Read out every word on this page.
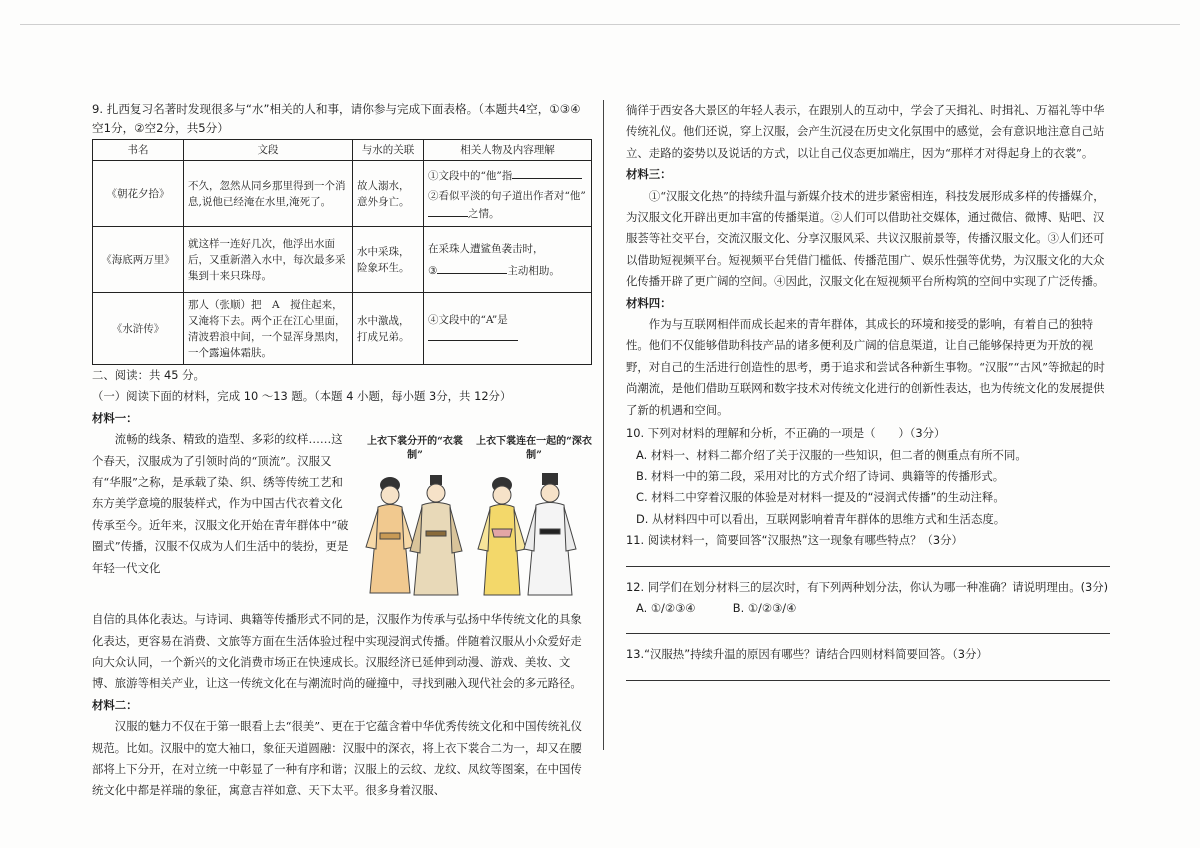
9. 扎西复习名著时发现很多与“水”相关的人和事，请你参与完成下面表格。（本题共4空，①③④空1分，②空2分，共5分）

书名	文段	与水的关联	相关人物及内容理解
《朝花夕拾》	不久，忽然从同乡那里得到一个消息,说他已经淹在水里,淹死了。	故人溺水，意外身亡。	①文段中的“他”指
②看似平淡的句子道出作者对“他”之情。

《海底两万里》	就这样一连好几次，他浮出水面后，又重新潜入水中，每次最多采集到十来只珠母。	水中采珠，险象环生。	在采珠人遭鲨鱼袭击时，
③ 主动相助。

《水浒传》	那人（张顺）把　A　搅住起来，又淹将下去。两个正在江心里面，清波碧浪中间，一个显浑身黑肉，一个露遍体霜肤。	水中激战，打成兄弟。	④文段中的“A”是

二、阅读：共 45 分。

（一）阅读下面的材料，完成 10 ～13 题。（本题 4 小题，每小题 3分，共 12分）

材料一：

上衣下裳分开的“衣裳制”
上衣下裳连在一起的“深衣制”

流畅的线条、精致的造型、多彩的纹样……这个春天，汉服成为了引领时尚的“顶流”。汉服又有“华服”之称，是承载了染、织、绣等传统工艺和东方美学意境的服装样式，作为中国古代衣着文化传承至今。近年来，汉服文化开始在青年群体中“破圈式”传播，汉服不仅成为人们生活中的装扮，更是年轻一代文化

自信的具体化表达。与诗词、典籍等传播形式不同的是，汉服作为传承与弘扬中华传统文化的具象化表达，更容易在消费、文旅等方面在生活体验过程中实现浸润式传播。伴随着汉服从小众爱好走向大众认同，一个新兴的文化消费市场正在快速成长。汉服经济已延伸到动漫、游戏、美妆、文博、旅游等相关产业，让这一传统文化在与潮流时尚的碰撞中，寻找到融入现代社会的多元路径。

材料二：

汉服的魅力不仅在于第一眼看上去“很美”、更在于它蕴含着中华优秀传统文化和中国传统礼仪规范。比如。汉服中的宽大袖口，象征天道圆融：汉服中的深衣，将上衣下裳合二为一，却又在腰部将上下分开，在对立统一中彰显了一种有序和谐；汉服上的云纹、龙纹、凤纹等图案，在中国传统文化中都是祥瑞的象征，寓意吉祥如意、天下太平。很多身着汉服、

徜徉于西安各大景区的年轻人表示，在跟别人的互动中，学会了天揖礼、时揖礼、万福礼等中华传统礼仪。他们还说，穿上汉服，会产生沉浸在历史文化氛围中的感觉，会有意识地注意自己站立、走路的姿势以及说话的方式，以让自己仪态更加端庄，因为“那样才对得起身上的衣裳”。

材料三：

①“汉服文化热”的持续升温与新媒介技术的进步紧密相连，科技发展形成多样的传播媒介，为汉服文化开辟出更加丰富的传播渠道。②人们可以借助社交媒体，通过微信、微博、贴吧、汉服荟等社交平台，交流汉服文化、分享汉服风采、共议汉服前景等，传播汉服文化。③人们还可以借助短视频平台。短视频平台凭借门槛低、传播范围广、娱乐性强等优势，为汉服文化的大众化传播开辟了更广阔的空间。④因此，汉服文化在短视频平台所构筑的空间中实现了广泛传播。

材料四：

作为与互联网相伴而成长起来的青年群体，其成长的环境和接受的影响，有着自己的独特性。他们不仅能够借助科技产品的诸多便利及广阔的信息渠道，让自己能够保持更为开放的视野，对自己的生活进行创造性的思考，勇于追求和尝试各种新生事物。“汉服”“古风”等掀起的时尚潮流，是他们借助互联网和数字技术对传统文化进行的创新性表达，也为传统文化的发展提供了新的机遇和空间。

10. 下列对材料的理解和分析，不正确的一项是（　　）（3分）

A. 材料一、材料二都介绍了关于汉服的一些知识，但二者的侧重点有所不同。

B. 材料一中的第二段，采用对比的方式介绍了诗词、典籍等的传播形式。

C. 材料二中穿着汉服的体验是对材料一提及的“浸润式传播”的生动注释。

D. 从材料四中可以看出，互联网影响着青年群体的思维方式和生活态度。

11. 阅读材料一，简要回答“汉服热”这一现象有哪些特点？（3分）

12. 同学们在划分材料三的层次时，有下列两种划分法，你认为哪一种准确？请说明理由。(3分)

A. ①/②③④	B. ①/②③/④

13.“汉服热”持续升温的原因有哪些？请结合四则材料简要回答。（3分）
